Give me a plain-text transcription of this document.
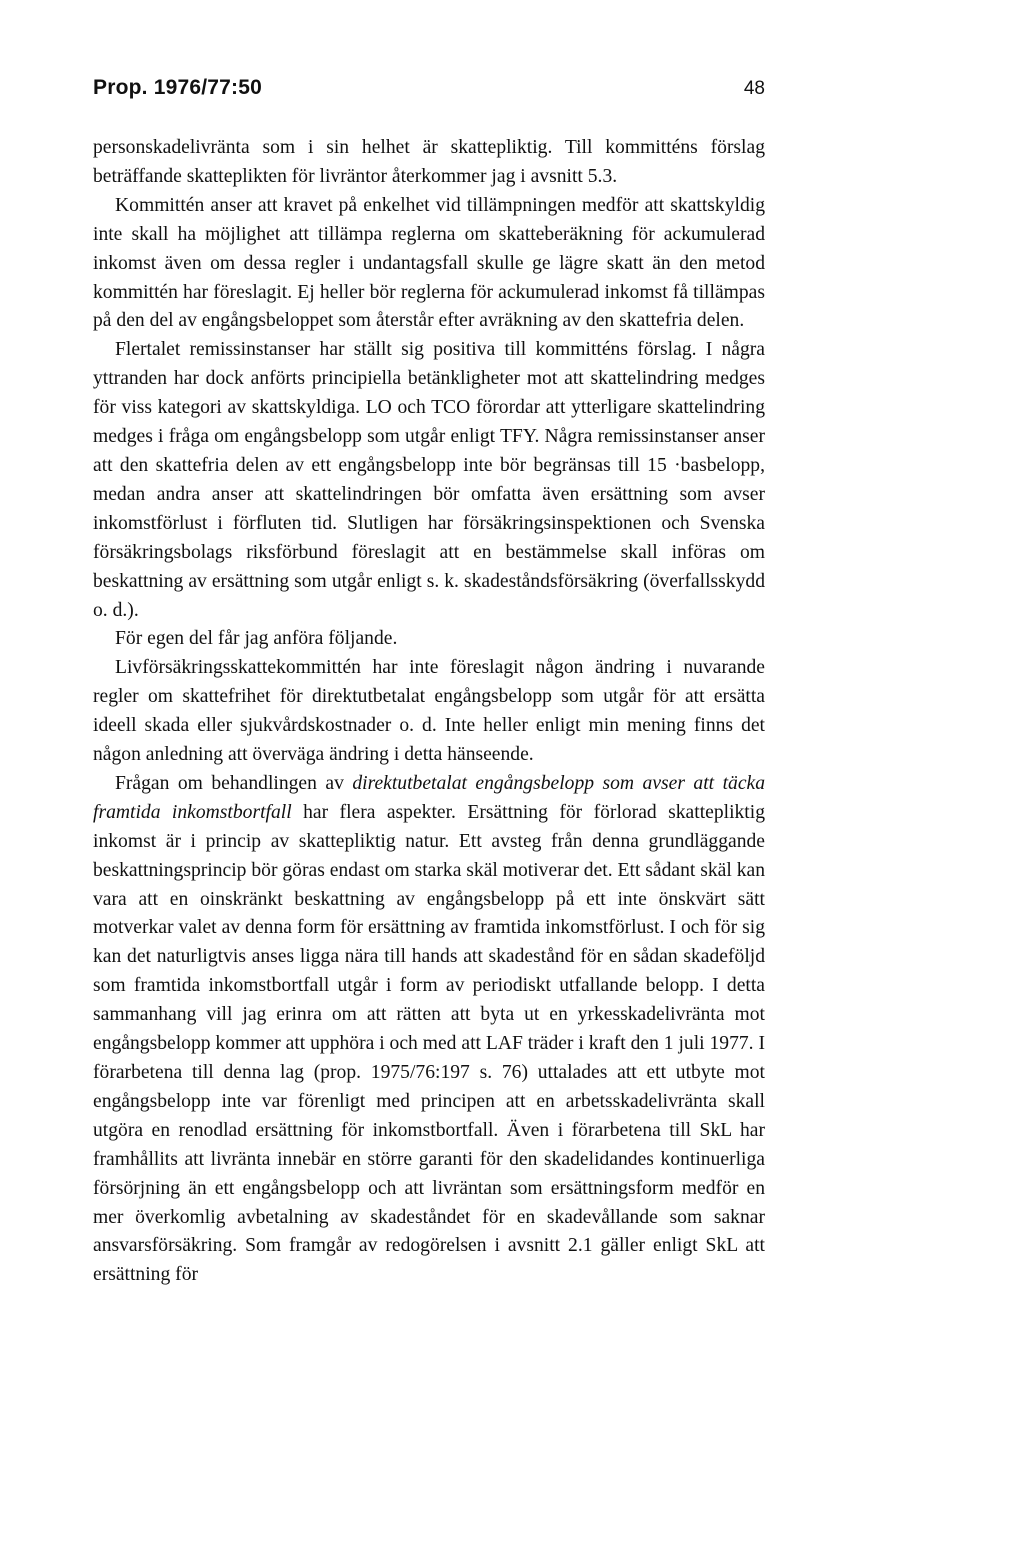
Prop. 1976/77:50	48

personskadelivränta som i sin helhet är skattepliktig. Till kommitténs förslag beträffande skatteplikten för livräntor återkommer jag i avsnitt 5.3.

Kommittén anser att kravet på enkelhet vid tillämpningen medför att skattskyldig inte skall ha möjlighet att tillämpa reglerna om skatteberäkning för ackumulerad inkomst även om dessa regler i undantagsfall skulle ge lägre skatt än den metod kommittén har föreslagit. Ej heller bör reglerna för ackumulerad inkomst få tillämpas på den del av engångsbeloppet som återstår efter avräkning av den skattefria delen.

Flertalet remissinstanser har ställt sig positiva till kommitténs förslag. I några yttranden har dock anförts principiella betänkligheter mot att skattelindring medges för viss kategori av skattskyldiga. LO och TCO förordar att ytterligare skattelindring medges i fråga om engångsbelopp som utgår enligt TFY. Några remissinstanser anser att den skattefria delen av ett engångsbelopp inte bör begränsas till 15 ·basbelopp, medan andra anser att skattelindringen bör omfatta även ersättning som avser inkomstförlust i förfluten tid. Slutligen har försäkringsinspektionen och Svenska försäkringsbolags riksförbund föreslagit att en bestämmelse skall införas om beskattning av ersättning som utgår enligt s. k. skadeståndsförsäkring (överfallsskydd o. d.).

För egen del får jag anföra följande.

Livförsäkringsskattekommittén har inte föreslagit någon ändring i nuvarande regler om skattefrihet för direktutbetalat engångsbelopp som utgår för att ersätta ideell skada eller sjukvårdskostnader o. d. Inte heller enligt min mening finns det någon anledning att överväga ändring i detta hänseende.

Frågan om behandlingen av direktutbetalat engångsbelopp som avser att täcka framtida inkomstbortfall har flera aspekter. Ersättning för förlorad skattepliktig inkomst är i princip av skattepliktig natur. Ett avsteg från denna grundläggande beskattningsprincip bör göras endast om starka skäl motiverar det. Ett sådant skäl kan vara att en oinskränkt beskattning av engångsbelopp på ett inte önskvärt sätt motverkar valet av denna form för ersättning av framtida inkomstförlust. I och för sig kan det naturligtvis anses ligga nära till hands att skadestånd för en sådan skadeföljd som framtida inkomstbortfall utgår i form av periodiskt utfallande belopp. I detta sammanhang vill jag erinra om att rätten att byta ut en yrkesskadelivränta mot engångsbelopp kommer att upphöra i och med att LAF träder i kraft den 1 juli 1977. I förarbetena till denna lag (prop. 1975/76:197 s. 76) uttalades att ett utbyte mot engångsbelopp inte var förenligt med principen att en arbetsskadelivränta skall utgöra en renodlad ersättning för inkomstbortfall. Även i förarbetena till SkL har framhållits att livränta innebär en större garanti för den skadelidandes kontinuerliga försörjning än ett engångsbelopp och att livräntan som ersättningsform medför en mer överkomlig avbetalning av skadeståndet för en skadevållande som saknar ansvarsförsäkring. Som framgår av redogörelsen i avsnitt 2.1 gäller enligt SkL att ersättning för
